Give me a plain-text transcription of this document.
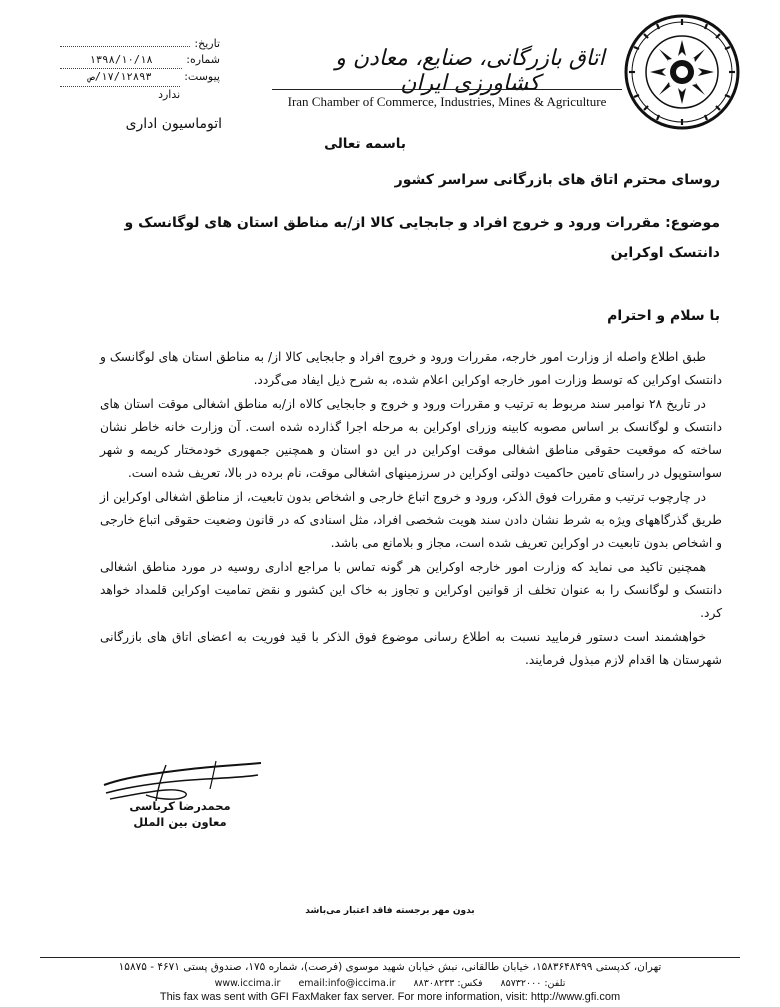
تاریخ:
شماره:
۱۳۹۸/۱۰/۱۸
پیوست:
۱۷/۱۲۸۹۳/ص
ندارد
اتوماسیون اداری
اتاق بازرگانی، صنایع، معادن و کشاورزی ایران
Iran Chamber of Commerce, Industries, Mines & Agriculture
باسمه تعالی
روسای محترم اتاق های بازرگانی سراسر کشور
موضوع: مقررات ورود و خروج افراد و جابجایی کالا از/به مناطق استان های لوگانسک و دانتسک اوکراین
با سلام و احترام

طبق اطلاع واصله از وزارت امور خارجه، مقررات ورود و خروج افراد و جابجایی کالا از/ به مناطق استان های لوگانسک و دانتسک اوکراین که توسط وزارت امور خارجه اوکراین اعلام شده، به شرح ذیل ایفاد می‌گردد.

در تاریخ ۲۸ نوامبر سند مربوط به ترتیب و مقررات ورود و خروج و جابجایی کالاه از/به مناطق اشغالی موقت استان های دانتسک و لوگانسک بر اساس مصوبه کابینه وزرای اوکراین به مرحله اجرا گذارده شده است. آن وزارت خانه خاطر نشان ساخته که موقعیت حقوقی مناطق اشغالی موقت اوکراین در این دو استان و همچنین جمهوری خودمختار کریمه و شهر سواستوپول در راستای تامین حاکمیت دولتی اوکراین در سرزمینهای اشغالی موقت، نام برده در بالا، تعریف شده است.

در چارچوب ترتیب و مقررات فوق الذکر، ورود و خروج اتباع خارجی و اشخاص بدون تابعیت، از مناطق اشغالی اوکراین از طریق گذرگاههای ویژه به شرط نشان دادن سند هویت شخصی افراد، مثل اسنادی که در قانون وضعیت حقوقی اتباع خارجی و اشخاص بدون تابعیت در اوکراین تعریف شده است، مجاز و بلامانع می باشد.

همچنین تاکید می نماید که وزارت امور خارجه اوکراین هر گونه تماس با مراجع اداری روسیه در مورد مناطق اشغالی دانتسک و لوگانسک را به عنوان تخلف از قوانین اوکراین و تجاوز به خاک این کشور و نقض تمامیت اوکراین قلمداد خواهد کرد.

خواهشمند است دستور فرمایید نسبت به اطلاع رسانی موضوع فوق الذکر با قید فوریت به اعضای اتاق های بازرگانی شهرستان ها اقدام لازم مبذول فرمایند.

محمدرضا کرباسی
معاون بین الملل
بدون مهر برجسته فاقد اعتبار می‌باشد
تهران، کدپستی ۱۵۸۳۶۴۸۴۹۹، خیابان طالقانی، نبش خیابان شهید موسوی (فرصت)، شماره ۱۷۵، صندوق پستی ۴۶۷۱ - ۱۵۸۷۵
تلفن: ۸۵۷۳۲۰۰۰
فکس: ۸۸۳۰۸۲۳۳
email:info@iccima.ir
www.iccima.ir
This fax was sent with GFI FaxMaker fax server. For more information, visit: http://www.gfi.com
